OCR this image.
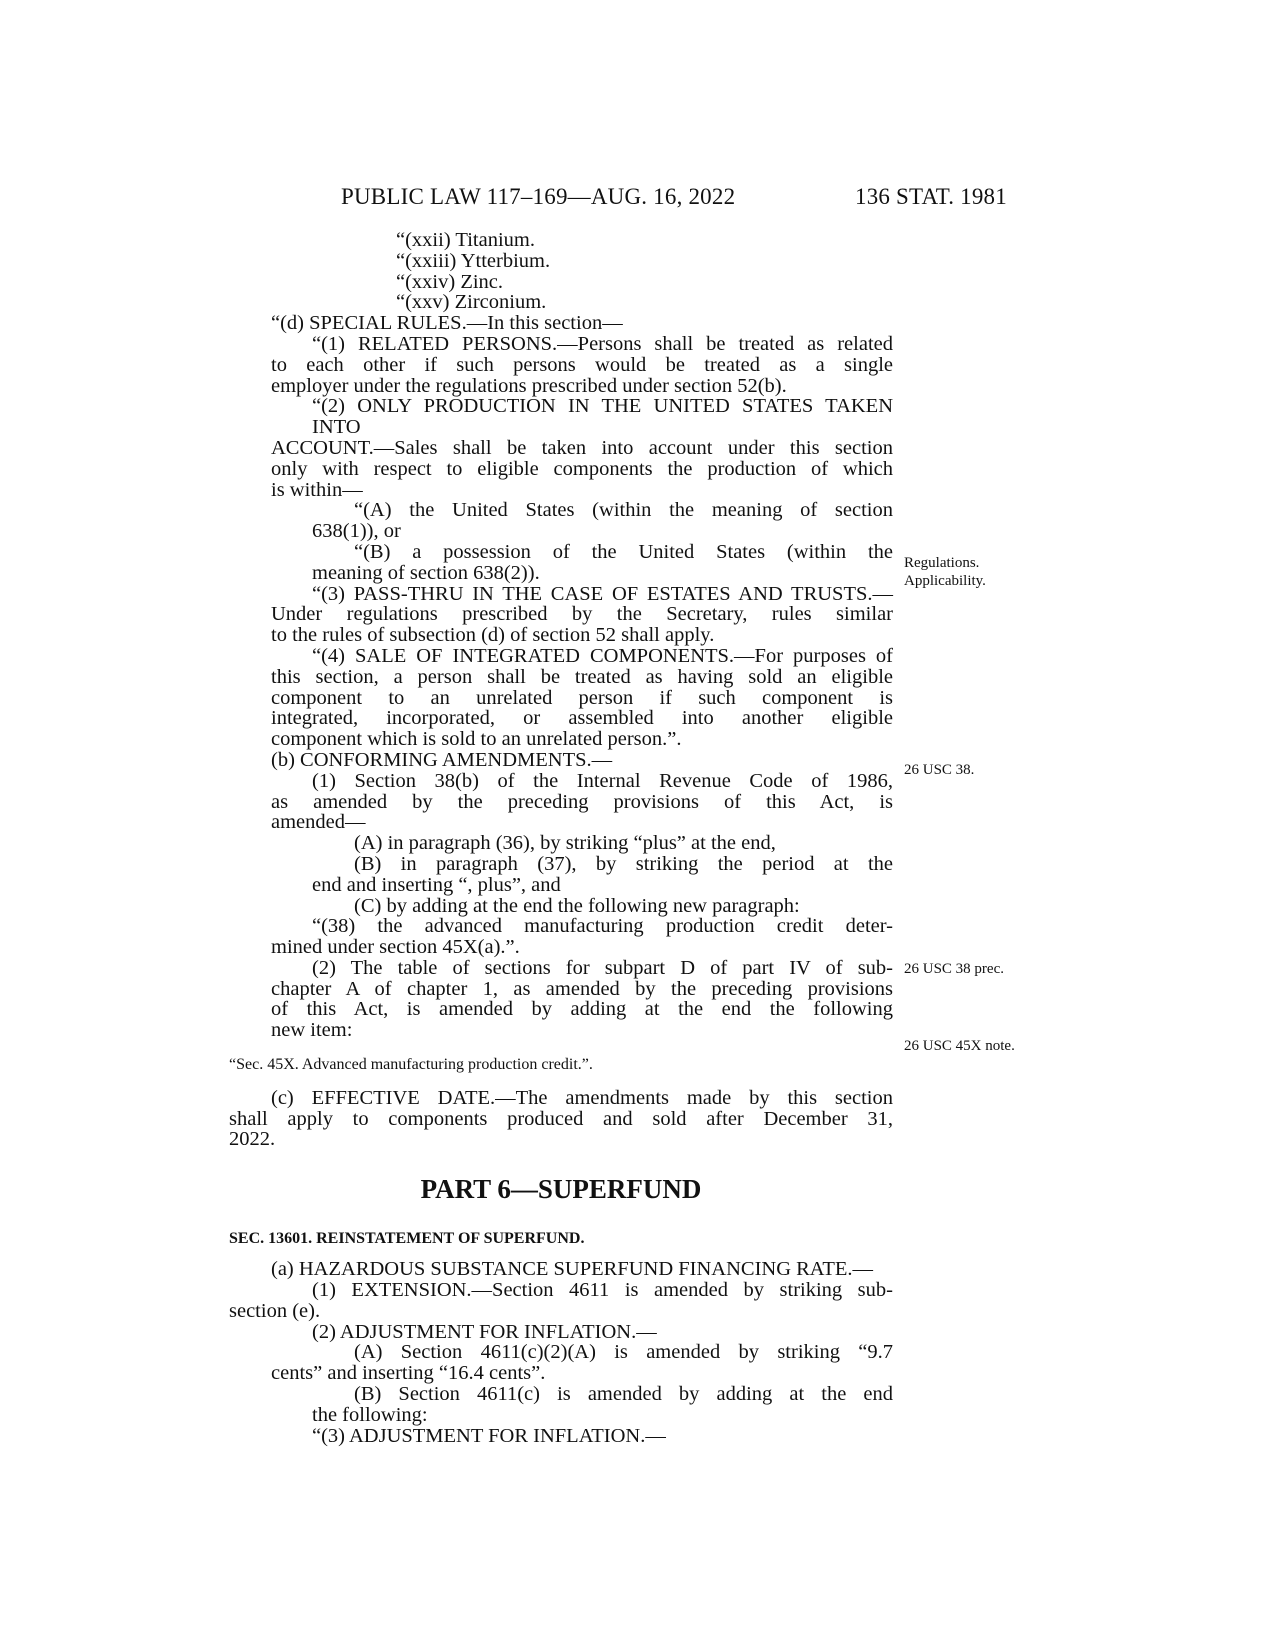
PUBLIC LAW 117–169—AUG. 16, 2022	136 STAT. 1981
“(xxii) Titanium.
“(xxiii) Ytterbium.
“(xxiv) Zinc.
“(xxv) Zirconium.
“(d) SPECIAL RULES.—In this section—
“(1) RELATED PERSONS.—Persons shall be treated as related
to each other if such persons would be treated as a single
employer under the regulations prescribed under section 52(b).
“(2) ONLY PRODUCTION IN THE UNITED STATES TAKEN INTO
ACCOUNT.—Sales shall be taken into account under this section
only with respect to eligible components the production of which
is within—
“(A) the United States (within the meaning of section
638(1)), or
“(B) a possession of the United States (within the
meaning of section 638(2)).
“(3) PASS-THRU IN THE CASE OF ESTATES AND TRUSTS.—
Under regulations prescribed by the Secretary, rules similar
to the rules of subsection (d) of section 52 shall apply.
“(4) SALE OF INTEGRATED COMPONENTS.—For purposes of
this section, a person shall be treated as having sold an eligible
component to an unrelated person if such component is
integrated, incorporated, or assembled into another eligible
component which is sold to an unrelated person.”.
(b) CONFORMING AMENDMENTS.—
(1) Section 38(b) of the Internal Revenue Code of 1986,
as amended by the preceding provisions of this Act, is
amended—
(A) in paragraph (36), by striking “plus” at the end,
(B) in paragraph (37), by striking the period at the
end and inserting “, plus”, and
(C) by adding at the end the following new paragraph:
“(38) the advanced manufacturing production credit deter-
mined under section 45X(a).”.
(2) The table of sections for subpart D of part IV of sub-
chapter A of chapter 1, as amended by the preceding provisions
of this Act, is amended by adding at the end the following
new item:
“Sec. 45X. Advanced manufacturing production credit.”.
(c) EFFECTIVE DATE.—The amendments made by this section
shall apply to components produced and sold after December 31,
2022.
PART 6—SUPERFUND
SEC. 13601. REINSTATEMENT OF SUPERFUND.
(a) HAZARDOUS SUBSTANCE SUPERFUND FINANCING RATE.—
(1) EXTENSION.—Section 4611 is amended by striking sub-
section (e).
(2) ADJUSTMENT FOR INFLATION.—
(A) Section 4611(c)(2)(A) is amended by striking “9.7
cents” and inserting “16.4 cents”.
(B) Section 4611(c) is amended by adding at the end
the following:
“(3) ADJUSTMENT FOR INFLATION.—
Regulations.
Applicability.
26 USC 38.
26 USC 38 prec.
26 USC 45X note.
